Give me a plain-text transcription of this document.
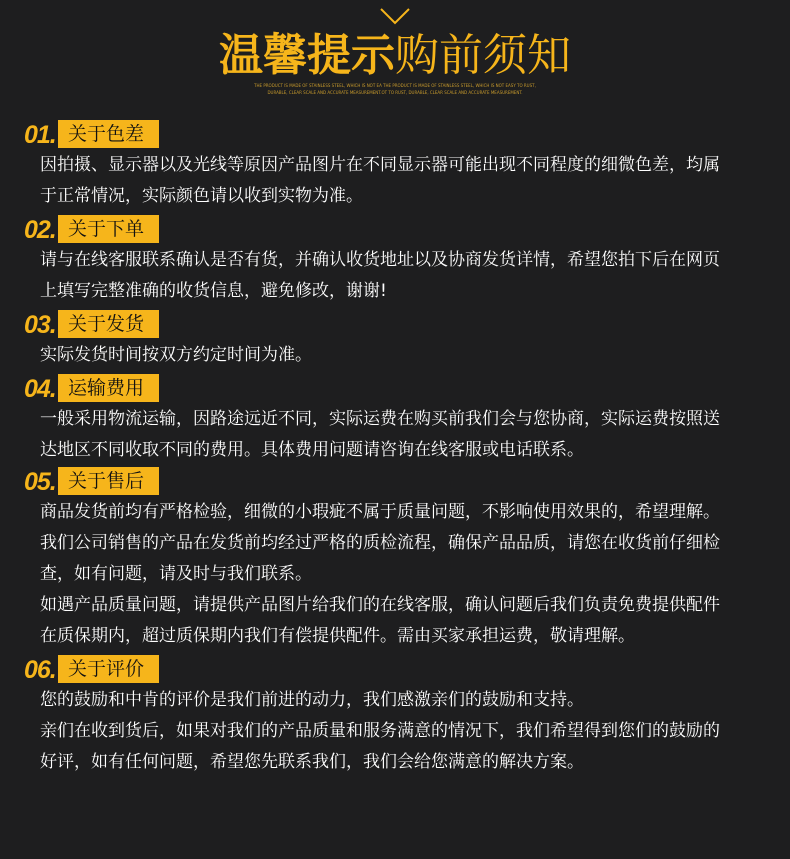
温馨提示购前须知
THE PRODUCT IS MADE OF STAINLESS STEEL, WHICH IS NOT EA THE PRODUCT IS MADE OF STAINLESS STEEL, WHICH IS NOT EASY TO RUST,
DURABLE, CLEAR SCALE AND ACCURATE MEASUREMENT.OT TO RUST, DURABLE, CLEAR SCALE AND ACCURATE MEASUREMENT.
01. 关于色差
因拍摄、显示器以及光线等原因产品图片在不同显示器可能出现不同程度的细微色差，均属
于正常情况，实际颜色请以收到实物为准。
02. 关于下单
请与在线客服联系确认是否有货，并确认收货地址以及协商发货详情，希望您拍下后在网页
上填写完整准确的收货信息，避免修改，谢谢!
03. 关于发货
实际发货时间按双方约定时间为准。
04. 运输费用
一般采用物流运输，因路途远近不同，实际运费在购买前我们会与您协商，实际运费按照送
达地区不同收取不同的费用。具体费用问题请咨询在线客服或电话联系。
05. 关于售后
商品发货前均有严格检验，细微的小瑕疵不属于质量问题，不影响使用效果的，希望理解。
我们公司销售的产品在发货前均经过严格的质检流程，确保产品品质，请您在收货前仔细检
查，如有问题，请及时与我们联系。
如遇产品质量问题，请提供产品图片给我们的在线客服，确认问题后我们负责免费提供配件
在质保期内，超过质保期内我们有偿提供配件。需由买家承担运费，敬请理解。
06. 关于评价
您的鼓励和中肯的评价是我们前进的动力，我们感激亲们的鼓励和支持。
亲们在收到货后，如果对我们的产品质量和服务满意的情况下，我们希望得到您们的鼓励的
好评，如有任何问题，希望您先联系我们，我们会给您满意的解决方案。
